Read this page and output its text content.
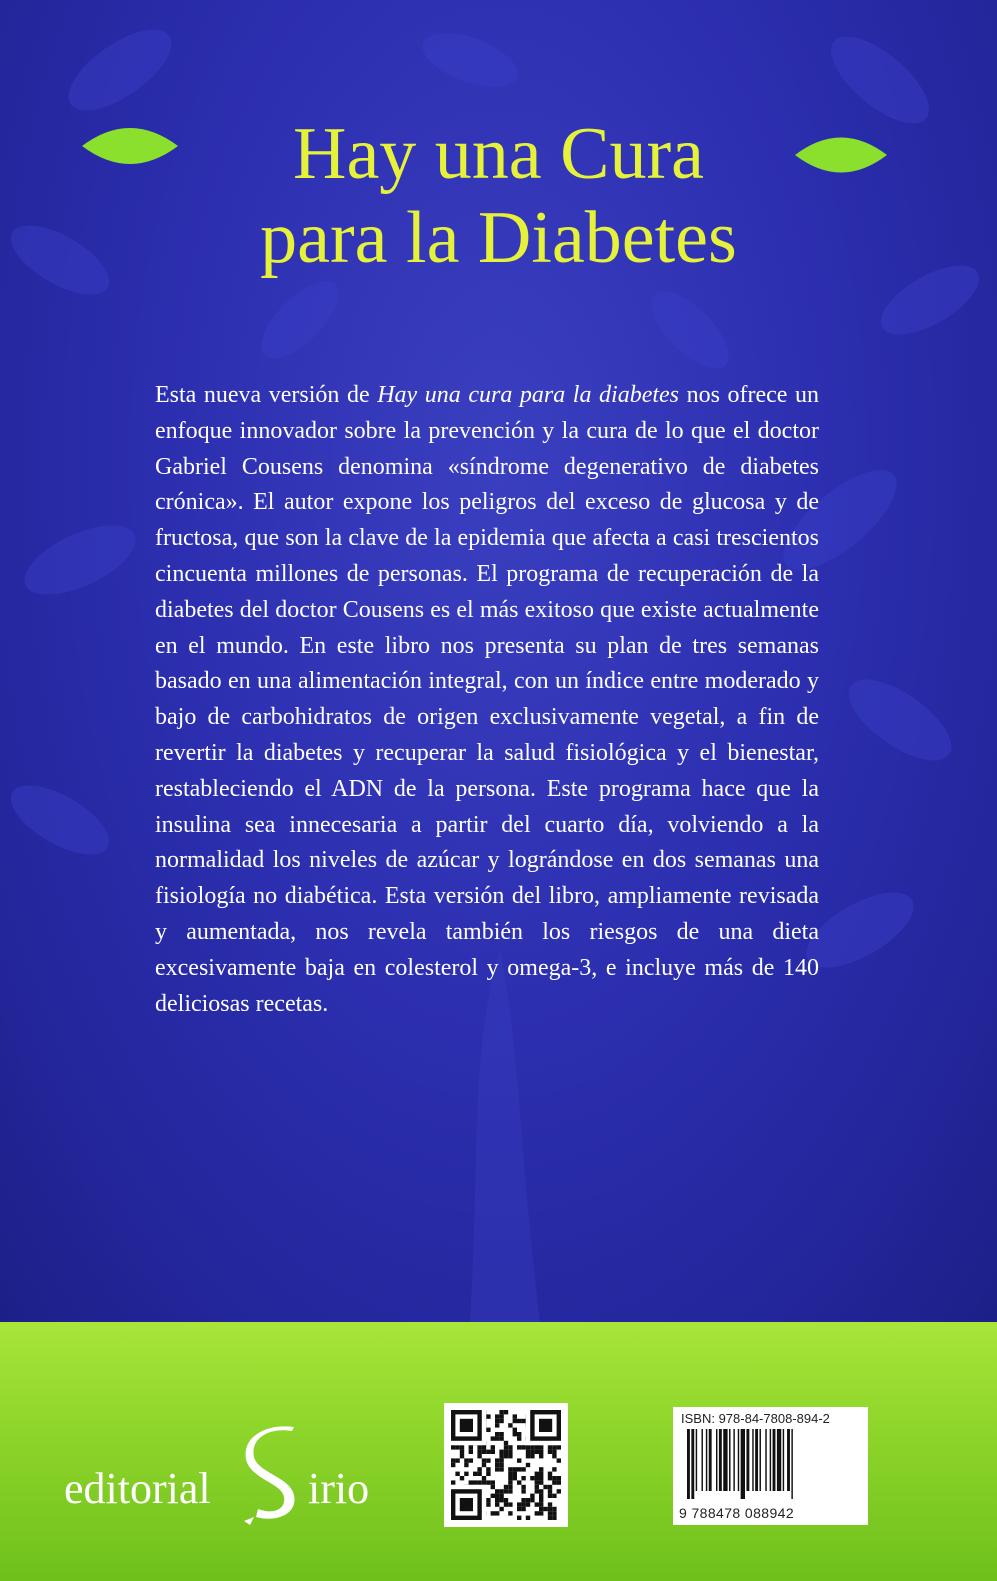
Hay una Cura
para la Diabetes

Esta nueva versión de Hay una cura para la diabetes nos ofrece un enfoque innovador sobre la prevención y la cura de lo que el doctor Gabriel Cousens denomina «síndrome degenerativo de diabetes crónica». El autor expone los peligros del exceso de glucosa y de fructosa, que son la clave de la epidemia que afecta a casi trescientos cincuenta millones de personas. El programa de recuperación de la diabetes del doctor Cousens es el más exitoso que existe actualmente en el mundo. En este libro nos presenta su plan de tres semanas basado en una alimentación integral, con un índice entre moderado y bajo de carbohidratos de origen exclusivamente vegetal, a fin de revertir la diabetes y recuperar la salud fisiológica y el bienestar, restableciendo el ADN de la persona. Este programa hace que la insulina sea innecesaria a partir del cuarto día, volviendo a la normalidad los niveles de azúcar y lográndose en dos semanas una fisiología no diabética. Esta versión del libro, ampliamente revisada y aumentada, nos revela también los riesgos de una dieta excesivamente baja en colesterol y omega-3, e incluye más de 140 deliciosas recetas.

editorial irio
ISBN: 978-84-7808-894-2
9 788478 088942
